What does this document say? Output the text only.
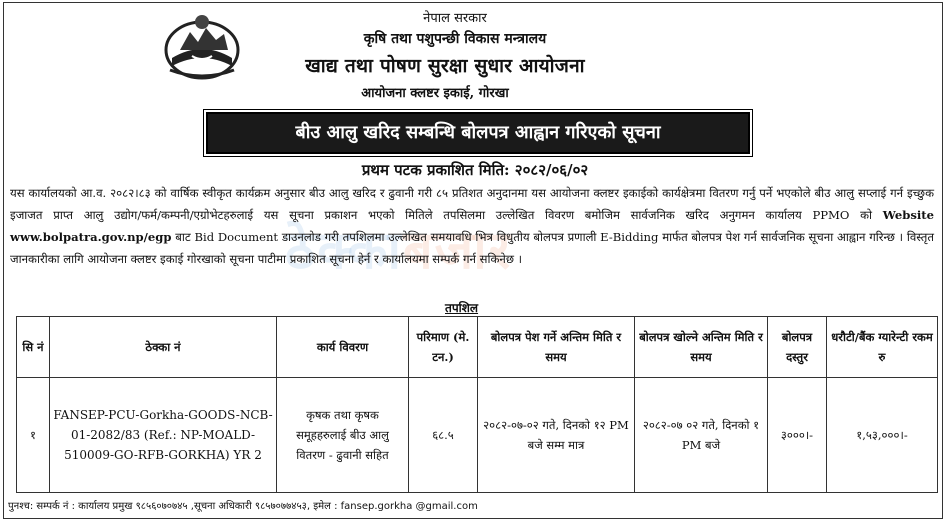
नेपाल सरकार
कृषि तथा पशुपन्छी विकास मन्त्रालय
खाद्य तथा पोषण सुरक्षा सुधार आयोजना
आयोजना क्लष्टर इकाई, गोरखा
बीउ आलु खरिद सम्बन्धि बोलपत्र आह्वान गरिएको सूचना
प्रथम पटक प्रकाशित मिति: २०८२/०६/०२
ठेक्काबजार
यस कार्यालयको आ.व. २०८२।८३ को वार्षिक स्वीकृत कार्यक्रम अनुसार बीउ आलु खरिद र ढुवानी गरी ८५ प्रतिशत अनुदानमा यस आयोजना क्लष्टर इकाईको कार्यक्षेत्रमा वितरण गर्नु पर्ने भएकोले बीउ आलु सप्लाई गर्न इच्छुक इजाजत प्राप्त आलु उद्योग/फर्म/कम्पनी/एग्रोभेटहरुलाई यस सूचना प्रकाशन भएको मितिले तपसिलमा उल्लेखित विवरण बमोजिम सार्वजनिक खरिद अनुगमन कार्यालय PPMO को Website www.bolpatra.gov.np/egp बाट Bid Document डाउनलोड गरी तपशिलमा उल्लेखित समयावधि भित्र विधुतीय बोलपत्र प्रणाली E-Bidding मार्फत बोलपत्र पेश गर्न सार्वजनिक सूचना आह्वान गरिन्छ । विस्तृत जानकारीका लागि आयोजना क्लष्टर इकाई गोरखाको सूचना पाटीमा प्रकाशित सूचना हेर्न र कार्यालयमा सम्पर्क गर्न सकिनेछ ।
तपशिल
सि नं	ठेक्का नं	कार्य विवरण	परिमाण (मे. टन.)	बोलपत्र पेश गर्ने अन्तिम मिति र समय	बोलपत्र खोल्ने अन्तिम मिति र समय	बोलपत्र दस्तुर	धरौटी/बैंक ग्यारेन्टी रकम रु
१	FANSEP-PCU-Gorkha-GOODS-NCB-01-2082/83 (Ref.: NP-MOALD-510009-GO-RFB-GORKHA) YR 2	कृषक तथा कृषक समूहहरुलाई बीउ आलु वितरण - ढुवानी सहित	६८.५	२०८२-०७-०२ गते, दिनको १२ PM बजे सम्म मात्र	२०८२-०७ ०२ गते, दिनको १ PM बजे	३०००।-	१,५३,०००।-
पुनश्च: सम्पर्क नं : कार्यालय प्रमुख ९८५६०७०७४५ ,सूचना अधिकारी ९८५७०७७४५३, इमेल : fansep.gorkha @gmail.com
